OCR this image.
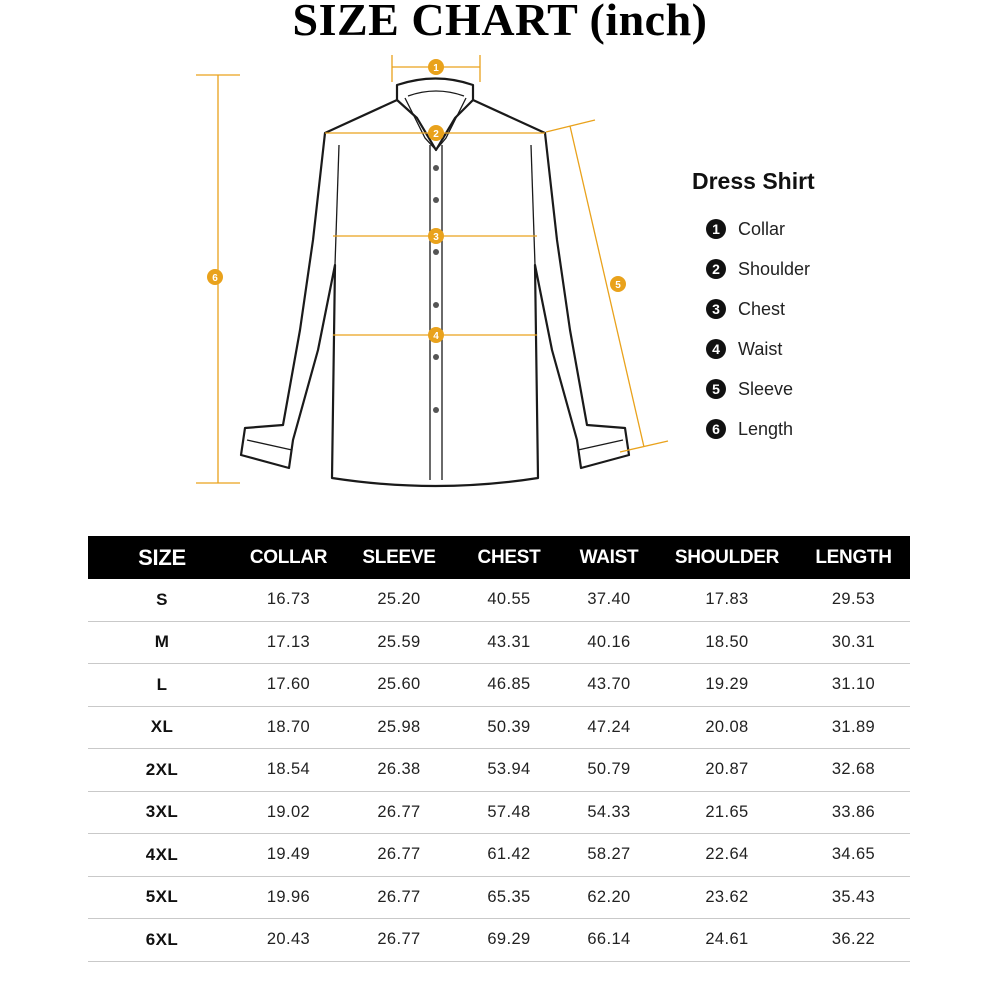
SIZE CHART (inch)
1
2
3
4
5
6
Dress Shirt
1	Collar
2	Shoulder
3	Chest
4	Waist
5	Sleeve
6	Length
SIZE	COLLAR	SLEEVE	CHEST	WAIST	SHOULDER	LENGTH
S	16.73	25.20	40.55	37.40	17.83	29.53
M	17.13	25.59	43.31	40.16	18.50	30.31
L	17.60	25.60	46.85	43.70	19.29	31.10
XL	18.70	25.98	50.39	47.24	20.08	31.89
2XL	18.54	26.38	53.94	50.79	20.87	32.68
3XL	19.02	26.77	57.48	54.33	21.65	33.86
4XL	19.49	26.77	61.42	58.27	22.64	34.65
5XL	19.96	26.77	65.35	62.20	23.62	35.43
6XL	20.43	26.77	69.29	66.14	24.61	36.22
